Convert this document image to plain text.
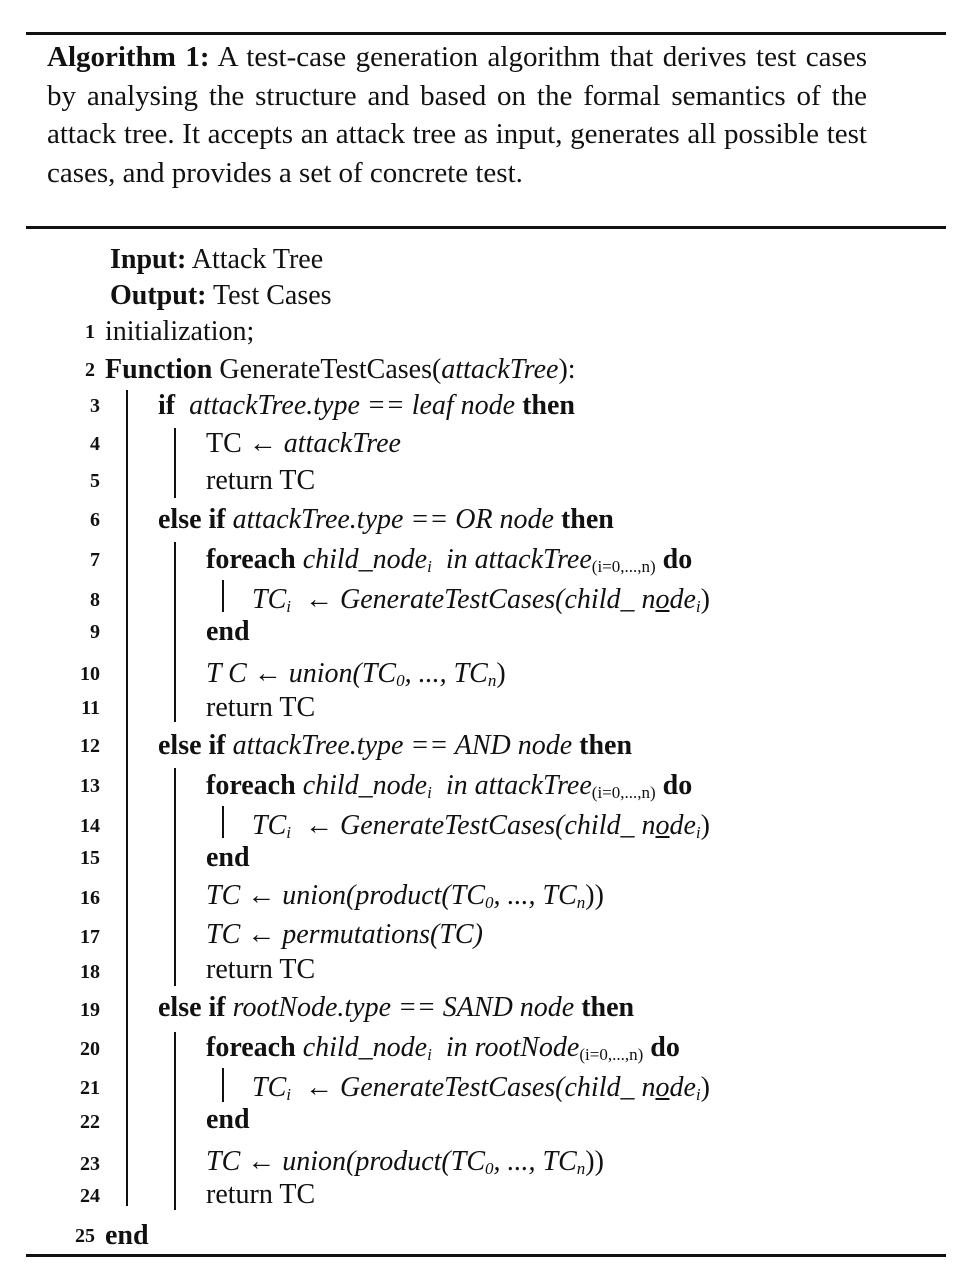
Algorithm 1: A test-case generation algorithm that derives test cases by analysing the structure and based on the formal semantics of the attack tree. It accepts an attack tree as input, generates all possible test cases, and provides a set of concrete test.
Input: Attack Tree
Output: Test Cases
1
2
3
4
5
6
7
8
9
10
11
12
13
14
15
16
17
18
19
20
21
22
23
24
25
initialization;
Function GenerateTestCases(attackTree):
if attackTree.type == leaf node then
TC ← attackTree
return TC
else if attackTree.type == OR node then
foreach child_node$_i$ in attackTree(i=0,...,n) do
$TC_i$ ← GenerateTestCases(child_ node$_i$)
end
T C ← union(TC0, ..., $TC_n$)
return TC
else if attackTree.type == AND node then
foreach child_node$_i$ in attackTree(i=0,...,n) do
$TC_i$ ← GenerateTestCases(child_ node$_i$)
end
TC ← union(product(TC0, ..., $TC_n$))
TC ← permutations(TC)
return TC
else if rootNode.type == SAND node then
foreach child_node$_i$ in rootNode(i=0,...,n) do
$TC_i$ ← GenerateTestCases(child_ node$_i$)
end
TC ← union(product(TC0, ..., $TC_n$))
return TC
end
